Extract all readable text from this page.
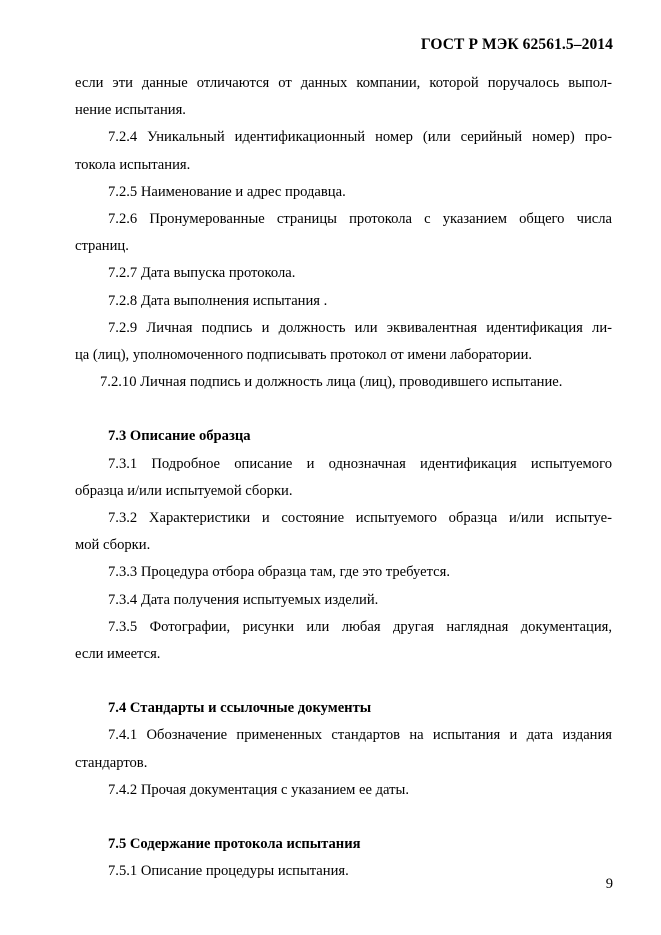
ГОСТ Р МЭК 62561.5–2014
если эти данные отличаются от данных компании, которой поручалось выпол-
нение испытания.
7.2.4 Уникальный идентификационный номер (или серийный номер) про-
токола испытания.
7.2.5 Наименование и адрес продавца.
7.2.6 Пронумерованные страницы протокола с указанием общего числа
страниц.
7.2.7 Дата выпуска протокола.
7.2.8 Дата выполнения испытания .
7.2.9 Личная подпись и должность или эквивалентная идентификация ли-
ца (лиц), уполномоченного подписывать протокол от имени лаборатории.
7.2.10 Личная подпись и должность лица (лиц), проводившего испытание.
7.3 Описание образца
7.3.1 Подробное описание и однозначная идентификация испытуемого
образца и/или испытуемой сборки.
7.3.2 Характеристики и состояние испытуемого образца и/или испытуе-
мой сборки.
7.3.3 Процедура отбора образца там, где это требуется.
7.3.4 Дата получения испытуемых изделий.
7.3.5 Фотографии, рисунки или любая другая наглядная документация,
если имеется.
7.4 Стандарты и ссылочные документы
7.4.1 Обозначение примененных стандартов на испытания и дата издания
стандартов.
7.4.2 Прочая документация с указанием ее даты.
7.5 Содержание протокола испытания
7.5.1 Описание процедуры испытания.
9
